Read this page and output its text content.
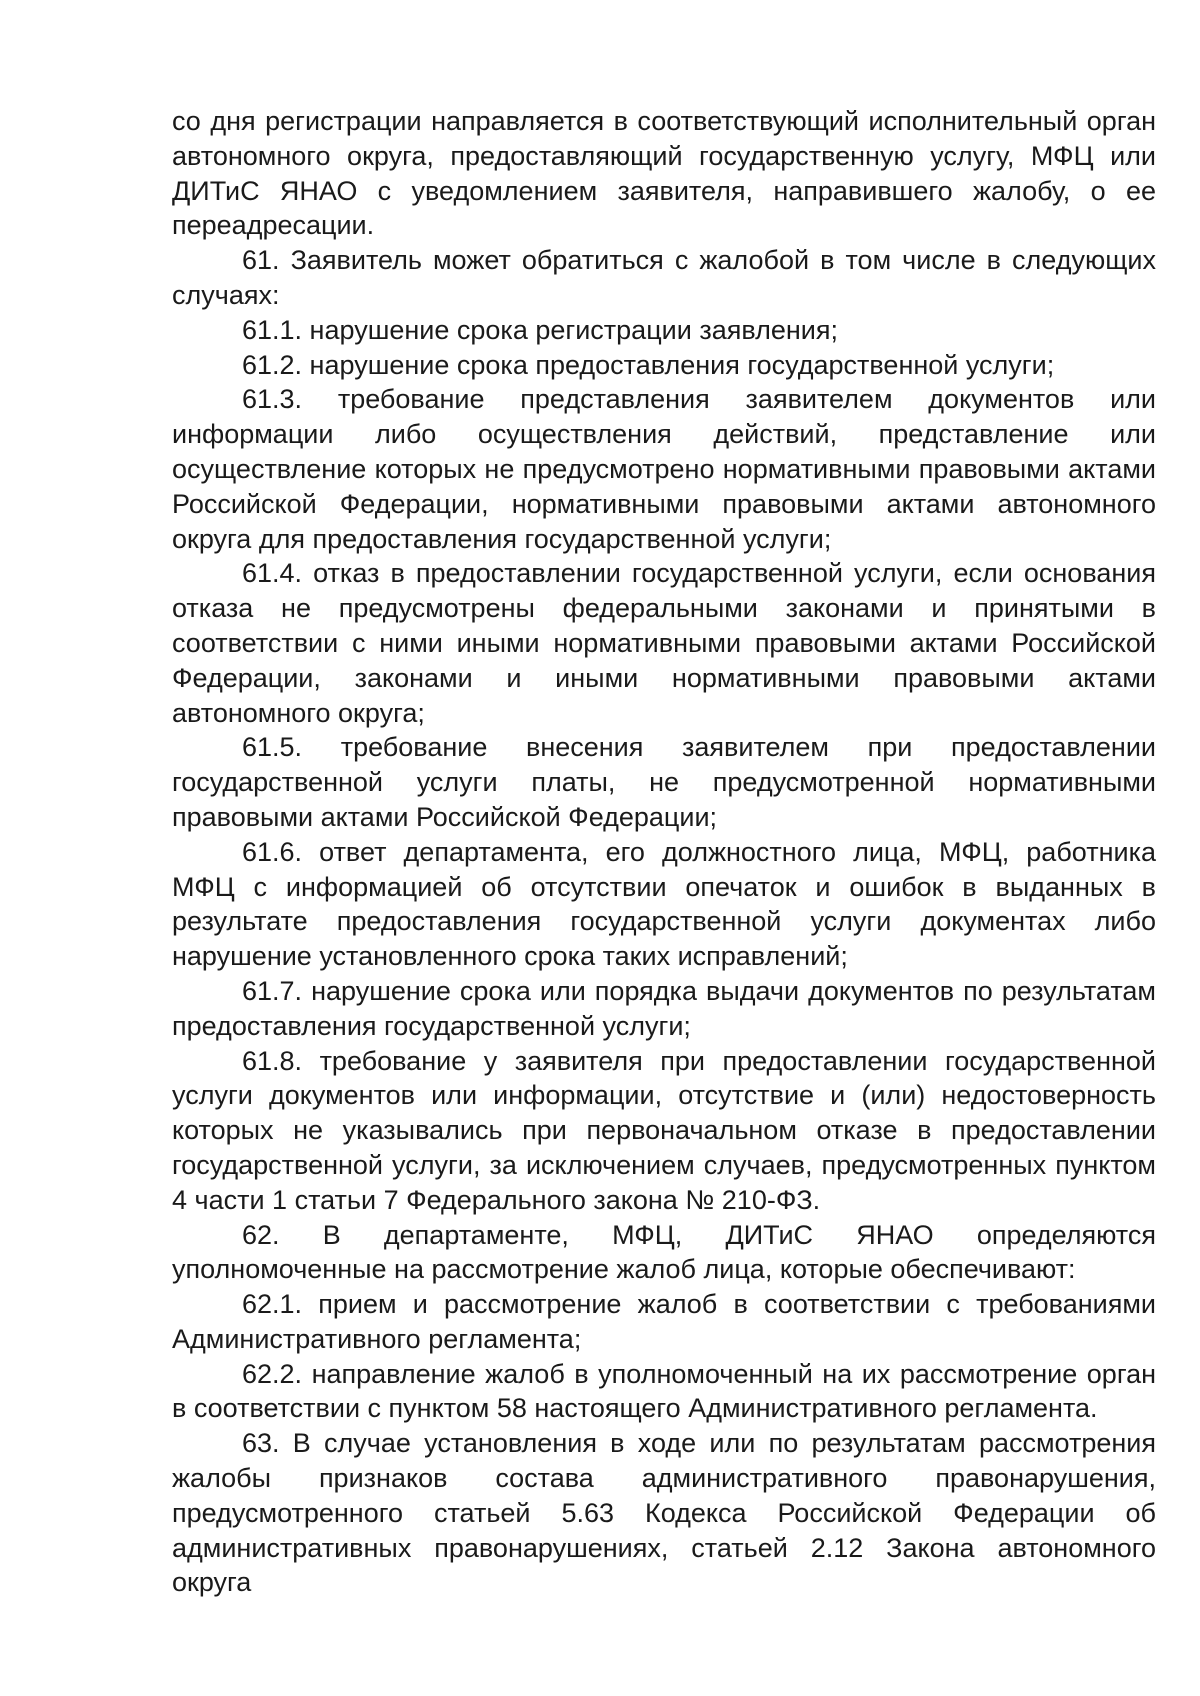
со дня регистрации направляется в соответствующий исполнительный орган автономного округа, предоставляющий государственную услугу, МФЦ или ДИТиС ЯНАО с уведомлением заявителя, направившего жалобу, о ее переадресации.

61. Заявитель может обратиться с жалобой в том числе в следующих случаях:

61.1. нарушение срока регистрации заявления;

61.2. нарушение срока предоставления государственной услуги;

61.3. требование представления заявителем документов или информации либо осуществления действий, представление или осуществление которых не предусмотрено нормативными правовыми актами Российской Федерации, нормативными правовыми актами автономного округа для предоставления государственной услуги;

61.4. отказ в предоставлении государственной услуги, если основания отказа не предусмотрены федеральными законами и принятыми в соответствии с ними иными нормативными правовыми актами Российской Федерации, законами и иными нормативными правовыми актами автономного округа;

61.5. требование внесения заявителем при предоставлении государственной услуги платы, не предусмотренной нормативными правовыми актами Российской Федерации;

61.6. ответ департамента, его должностного лица, МФЦ, работника МФЦ с информацией об отсутствии опечаток и ошибок в выданных в результате предоставления государственной услуги документах либо нарушение установленного срока таких исправлений;

61.7. нарушение срока или порядка выдачи документов по результатам предоставления государственной услуги;

61.8. требование у заявителя при предоставлении государственной услуги документов или информации, отсутствие и (или) недостоверность которых не указывались при первоначальном отказе в предоставлении государственной услуги, за исключением случаев, предусмотренных пунктом 4 части 1 статьи 7 Федерального закона № 210-ФЗ.

62. В департаменте, МФЦ, ДИТиС ЯНАО определяются уполномоченные на рассмотрение жалоб лица, которые обеспечивают:

62.1. прием и рассмотрение жалоб в соответствии с требованиями Административного регламента;

62.2. направление жалоб в уполномоченный на их рассмотрение орган в соответствии с пунктом 58 настоящего Административного регламента.

63. В случае установления в ходе или по результатам рассмотрения жалобы признаков состава административного правонарушения, предусмотренного статьей 5.63 Кодекса Российской Федерации об административных правонарушениях, статьей 2.12 Закона автономного округа
